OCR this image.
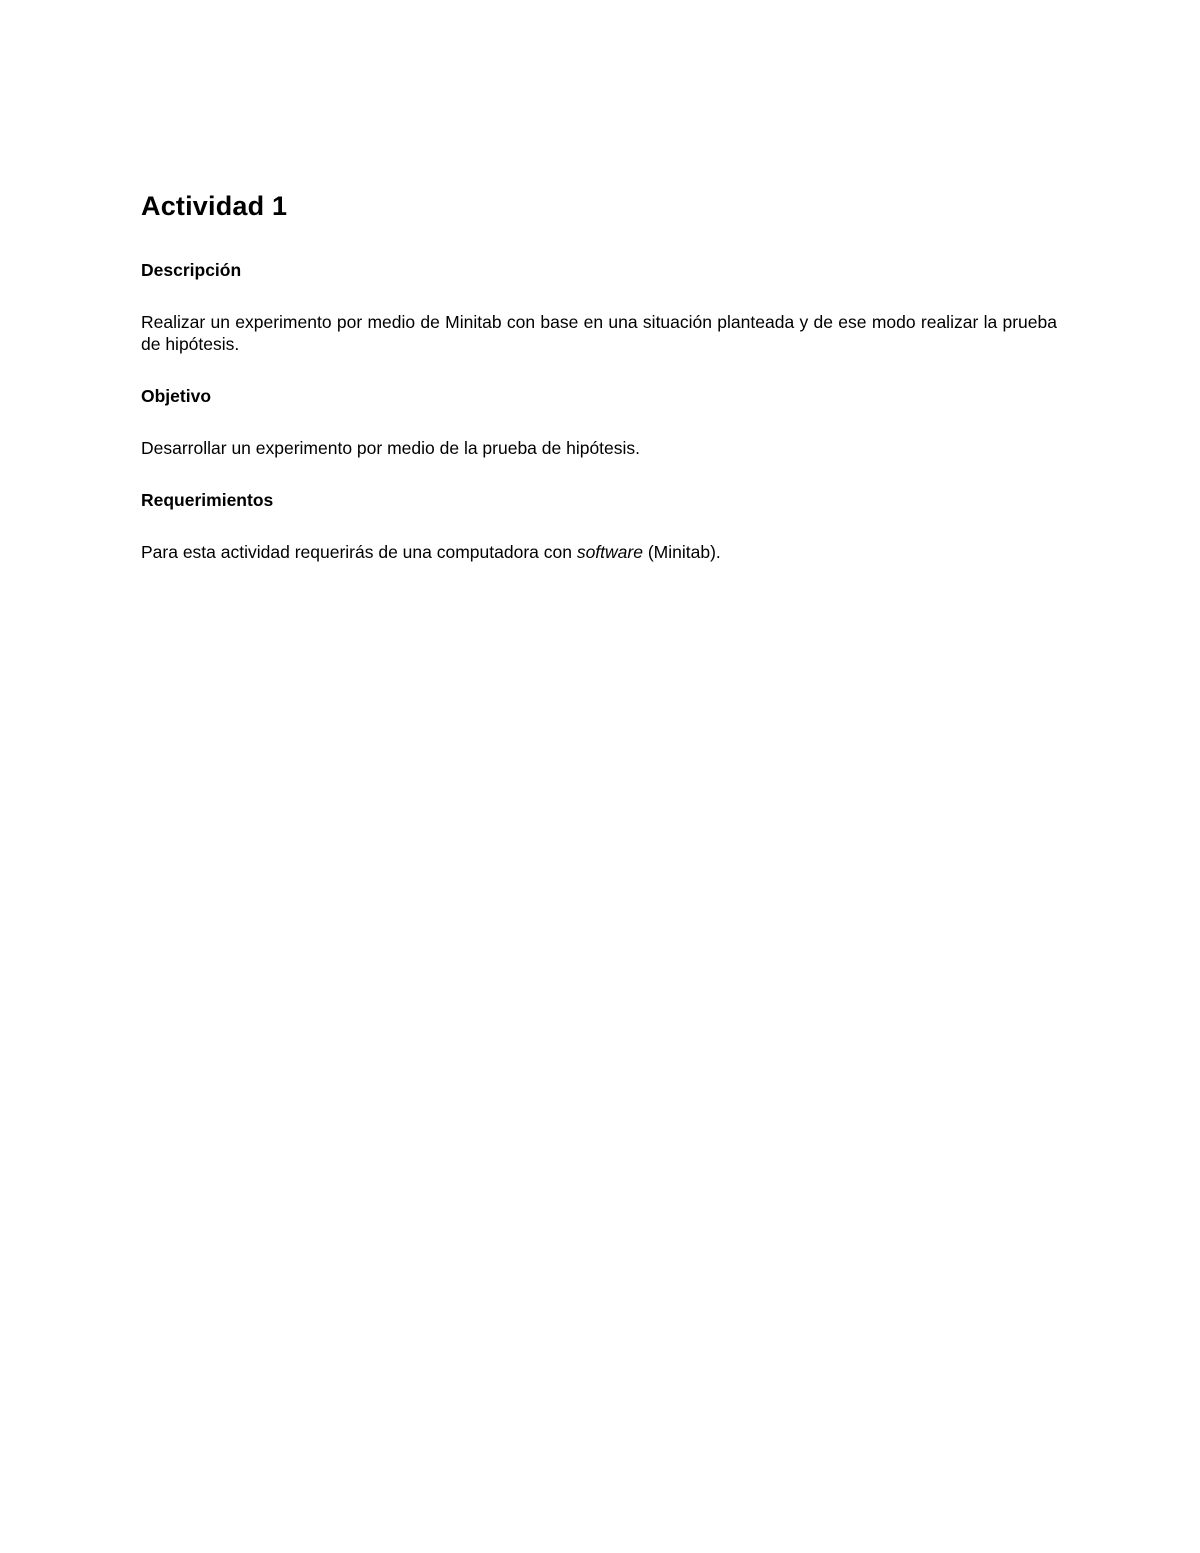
Actividad 1
Descripción

Realizar un experimento por medio de Minitab con base en una situación planteada y de ese modo realizar la prueba de hipótesis.

Objetivo

Desarrollar un experimento por medio de la prueba de hipótesis.

Requerimientos

Para esta actividad requerirás de una computadora con software (Minitab).
